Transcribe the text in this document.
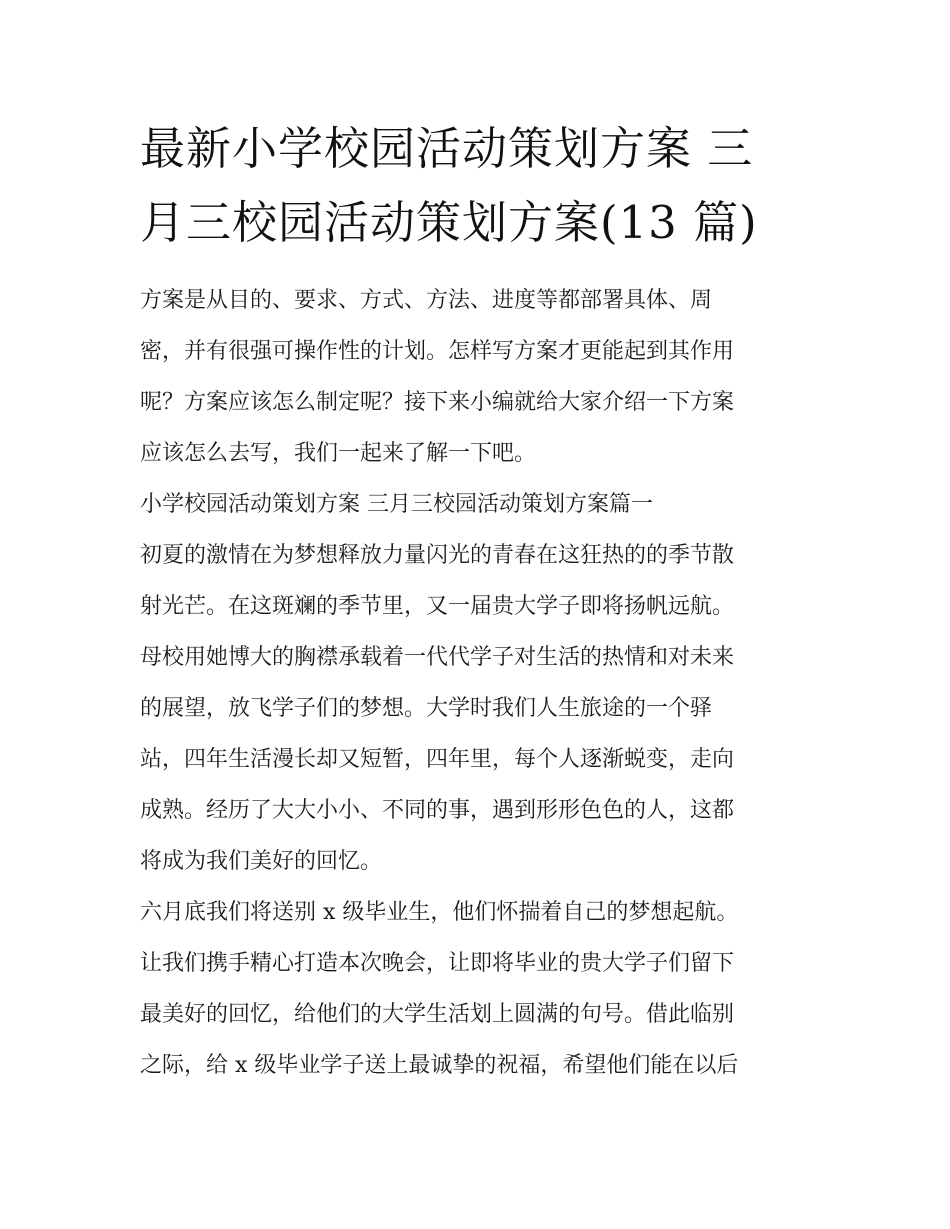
最新小学校园活动策划方案 三
月三校园活动策划方案(13 篇)
方案是从目的、要求、方式、方法、进度等都部署具体、周
密，并有很强可操作性的计划。怎样写方案才更能起到其作用
呢？方案应该怎么制定呢？接下来小编就给大家介绍一下方案
应该怎么去写，我们一起来了解一下吧。
小学校园活动策划方案 三月三校园活动策划方案篇一
初夏的激情在为梦想释放力量闪光的青春在这狂热的的季节散
射光芒。在这斑斓的季节里，又一届贵大学子即将扬帆远航。
母校用她博大的胸襟承载着一代代学子对生活的热情和对未来
的展望，放飞学子们的梦想。大学时我们人生旅途的一个驿
站，四年生活漫长却又短暂，四年里，每个人逐渐蜕变，走向
成熟。经历了大大小小、不同的事，遇到形形色色的人，这都
将成为我们美好的回忆。
六月底我们将送别 x 级毕业生，他们怀揣着自己的梦想起航。
让我们携手精心打造本次晚会，让即将毕业的贵大学子们留下
最美好的回忆，给他们的大学生活划上圆满的句号。借此临别
之际，给 x 级毕业学子送上最诚挚的祝福，希望他们能在以后
